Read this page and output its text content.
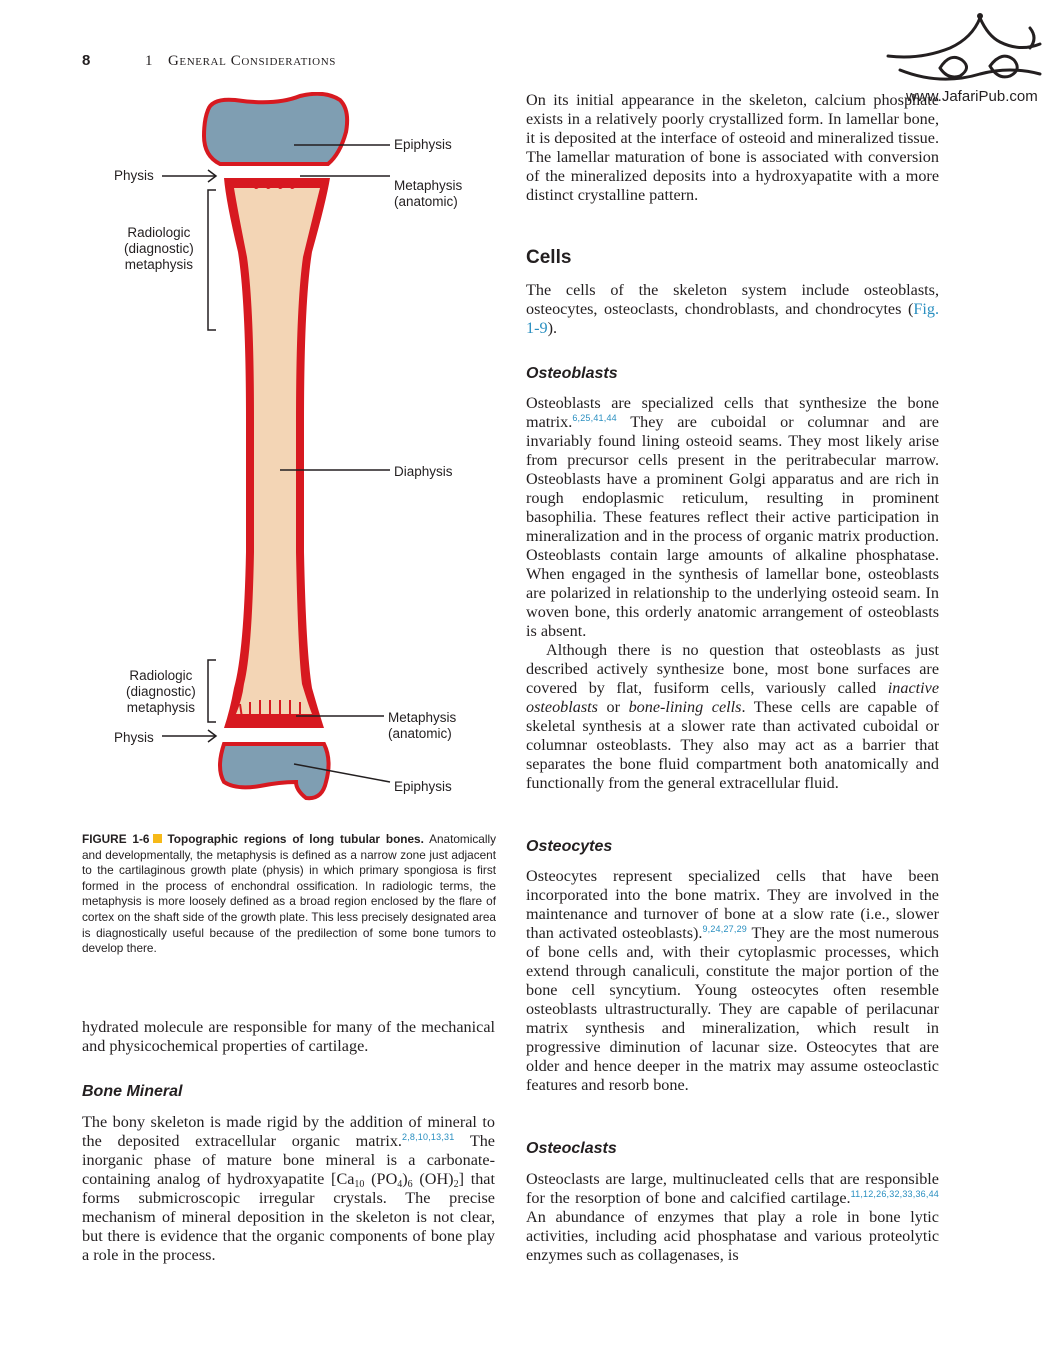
8	1 General Considerations
www.JafariPub.com
Epiphysis
Physis
Metaphysis
(anatomic)
Radiologic
(diagnostic)
metaphysis
Diaphysis
Radiologic
(diagnostic)
metaphysis
Metaphysis
(anatomic)
Physis
Epiphysis
FIGURE 1-6 Topographic regions of long tubular bones. Anatomically and developmentally, the metaphysis is defined as a narrow zone just adjacent to the cartilaginous growth plate (physis) in which primary spongiosa is first formed in the process of enchondral ossification. In radiologic terms, the metaphysis is more loosely defined as a broad region enclosed by the flare of cortex on the shaft side of the growth plate. This less precisely designated area is diagnostically useful because of the predilection of some bone tumors to develop there.

hydrated molecule are responsible for many of the mechanical and physicochemical properties of cartilage.

Bone Mineral

The bony skeleton is made rigid by the addition of mineral to the deposited extracellular organic matrix.$^{2,8,10,13,31}$ The inorganic phase of mature bone mineral is a carbonate-containing analog of hydroxyapatite [$Ca_{10}$ $(PO_4)_6$ $(OH)_2$] that forms submicroscopic irregular crystals. The precise mechanism of mineral deposition in the skeleton is not clear, but there is evidence that the organic components of bone play a role in the process.

On its initial appearance in the skeleton, calcium phosphate exists in a relatively poorly crystallized form. In lamellar bone, it is deposited at the interface of osteoid and mineralized tissue. The lamellar maturation of bone is associated with conversion of the mineralized deposits into a hydroxyapatite with a more distinct crystalline pattern.

Cells

The cells of the skeleton system include osteoblasts, osteocytes, osteoclasts, chondroblasts, and chondrocytes (Fig. 1-9).

Osteoblasts

Osteoblasts are specialized cells that synthesize the bone matrix.$^{6,25,41,44}$ They are cuboidal or columnar and are invariably found lining osteoid seams. They most likely arise from precursor cells present in the peritrabecular marrow. Osteoblasts have a prominent Golgi apparatus and are rich in rough endoplasmic reticulum, resulting in prominent basophilia. These features reflect their active participation in mineralization and in the process of organic matrix production. Osteoblasts contain large amounts of alkaline phosphatase. When engaged in the synthesis of lamellar bone, osteoblasts are polarized in relationship to the underlying osteoid seam. In woven bone, this orderly anatomic arrangement of osteoblasts is absent.

Although there is no question that osteoblasts as just described actively synthesize bone, most bone surfaces are covered by flat, fusiform cells, variously called inactive osteoblasts or bone-lining cells. These cells are capable of skeletal synthesis at a slower rate than activated cuboidal or columnar osteoblasts. They also may act as a barrier that separates the bone fluid compartment both anatomically and functionally from the general extracellular fluid.

Osteocytes

Osteocytes represent specialized cells that have been incorporated into the bone matrix. They are involved in the maintenance and turnover of bone at a slow rate (i.e., slower than activated osteoblasts).$^{9,24,27,29}$ They are the most numerous of bone cells and, with their cytoplasmic processes, which extend through canaliculi, constitute the major portion of the bone cell syncytium. Young osteocytes often resemble osteoblasts ultrastructurally. They are capable of perilacunar matrix synthesis and mineralization, which result in progressive diminution of lacunar size. Osteocytes that are older and hence deeper in the matrix may assume osteoclastic features and resorb bone.

Osteoclasts

Osteoclasts are large, multinucleated cells that are responsible for the resorption of bone and calcified cartilage.$^{11,12,26,32,33,36,44}$ An abundance of enzymes that play a role in bone lytic activities, including acid phosphatase and various proteolytic enzymes such as collagenases, is
